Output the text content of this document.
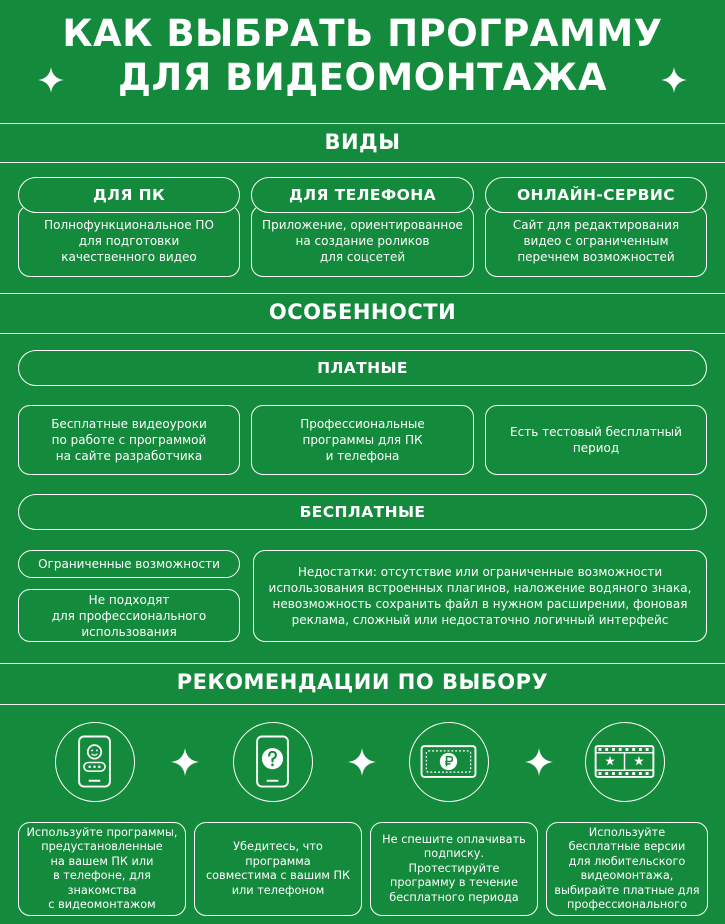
КАК ВЫБРАТЬ ПРОГРАММУ
ДЛЯ ВИДЕОМОНТАЖА
ВИДЫ
Полнофункциональное ПО
для подготовки
качественного видео
ДЛЯ ПК
Приложение, ориентированное
на создание роликов
для соцсетей
ДЛЯ ТЕЛЕФОНА
Сайт для редактирования
видео с ограниченным
перечнем возможностей
ОНЛАЙН-СЕРВИС
ОСОБЕННОСТИ
ПЛАТНЫЕ
Бесплатные видеоуроки
по работе с программой
на сайте разработчика
Профессиональные
программы для ПК
и телефона
Есть тестовый бесплатный
период
БЕСПЛАТНЫЕ
Ограниченные возможности
Не подходят
для профессионального
использования
Недостатки: отсутствие или ограниченные возможности
использования встроенных плагинов, наложение водяного знака,
невозможность сохранить файл в нужном расширении, фоновая
реклама, сложный или недостаточно логичный интерфейс
РЕКОМЕНДАЦИИ ПО ВЫБОРУ
Используйте программы,
предустановленные
на вашем ПК или
в телефоне, для знакомства
с видеомонтажом
Убедитесь, что программа
совместима с вашим ПК
или телефоном
Не спешите оплачивать
подписку. Протестируйте
программу в течение
бесплатного периода
Используйте
бесплатные версии
для любительского
видеомонтажа,
выбирайте платные для
профессионального
